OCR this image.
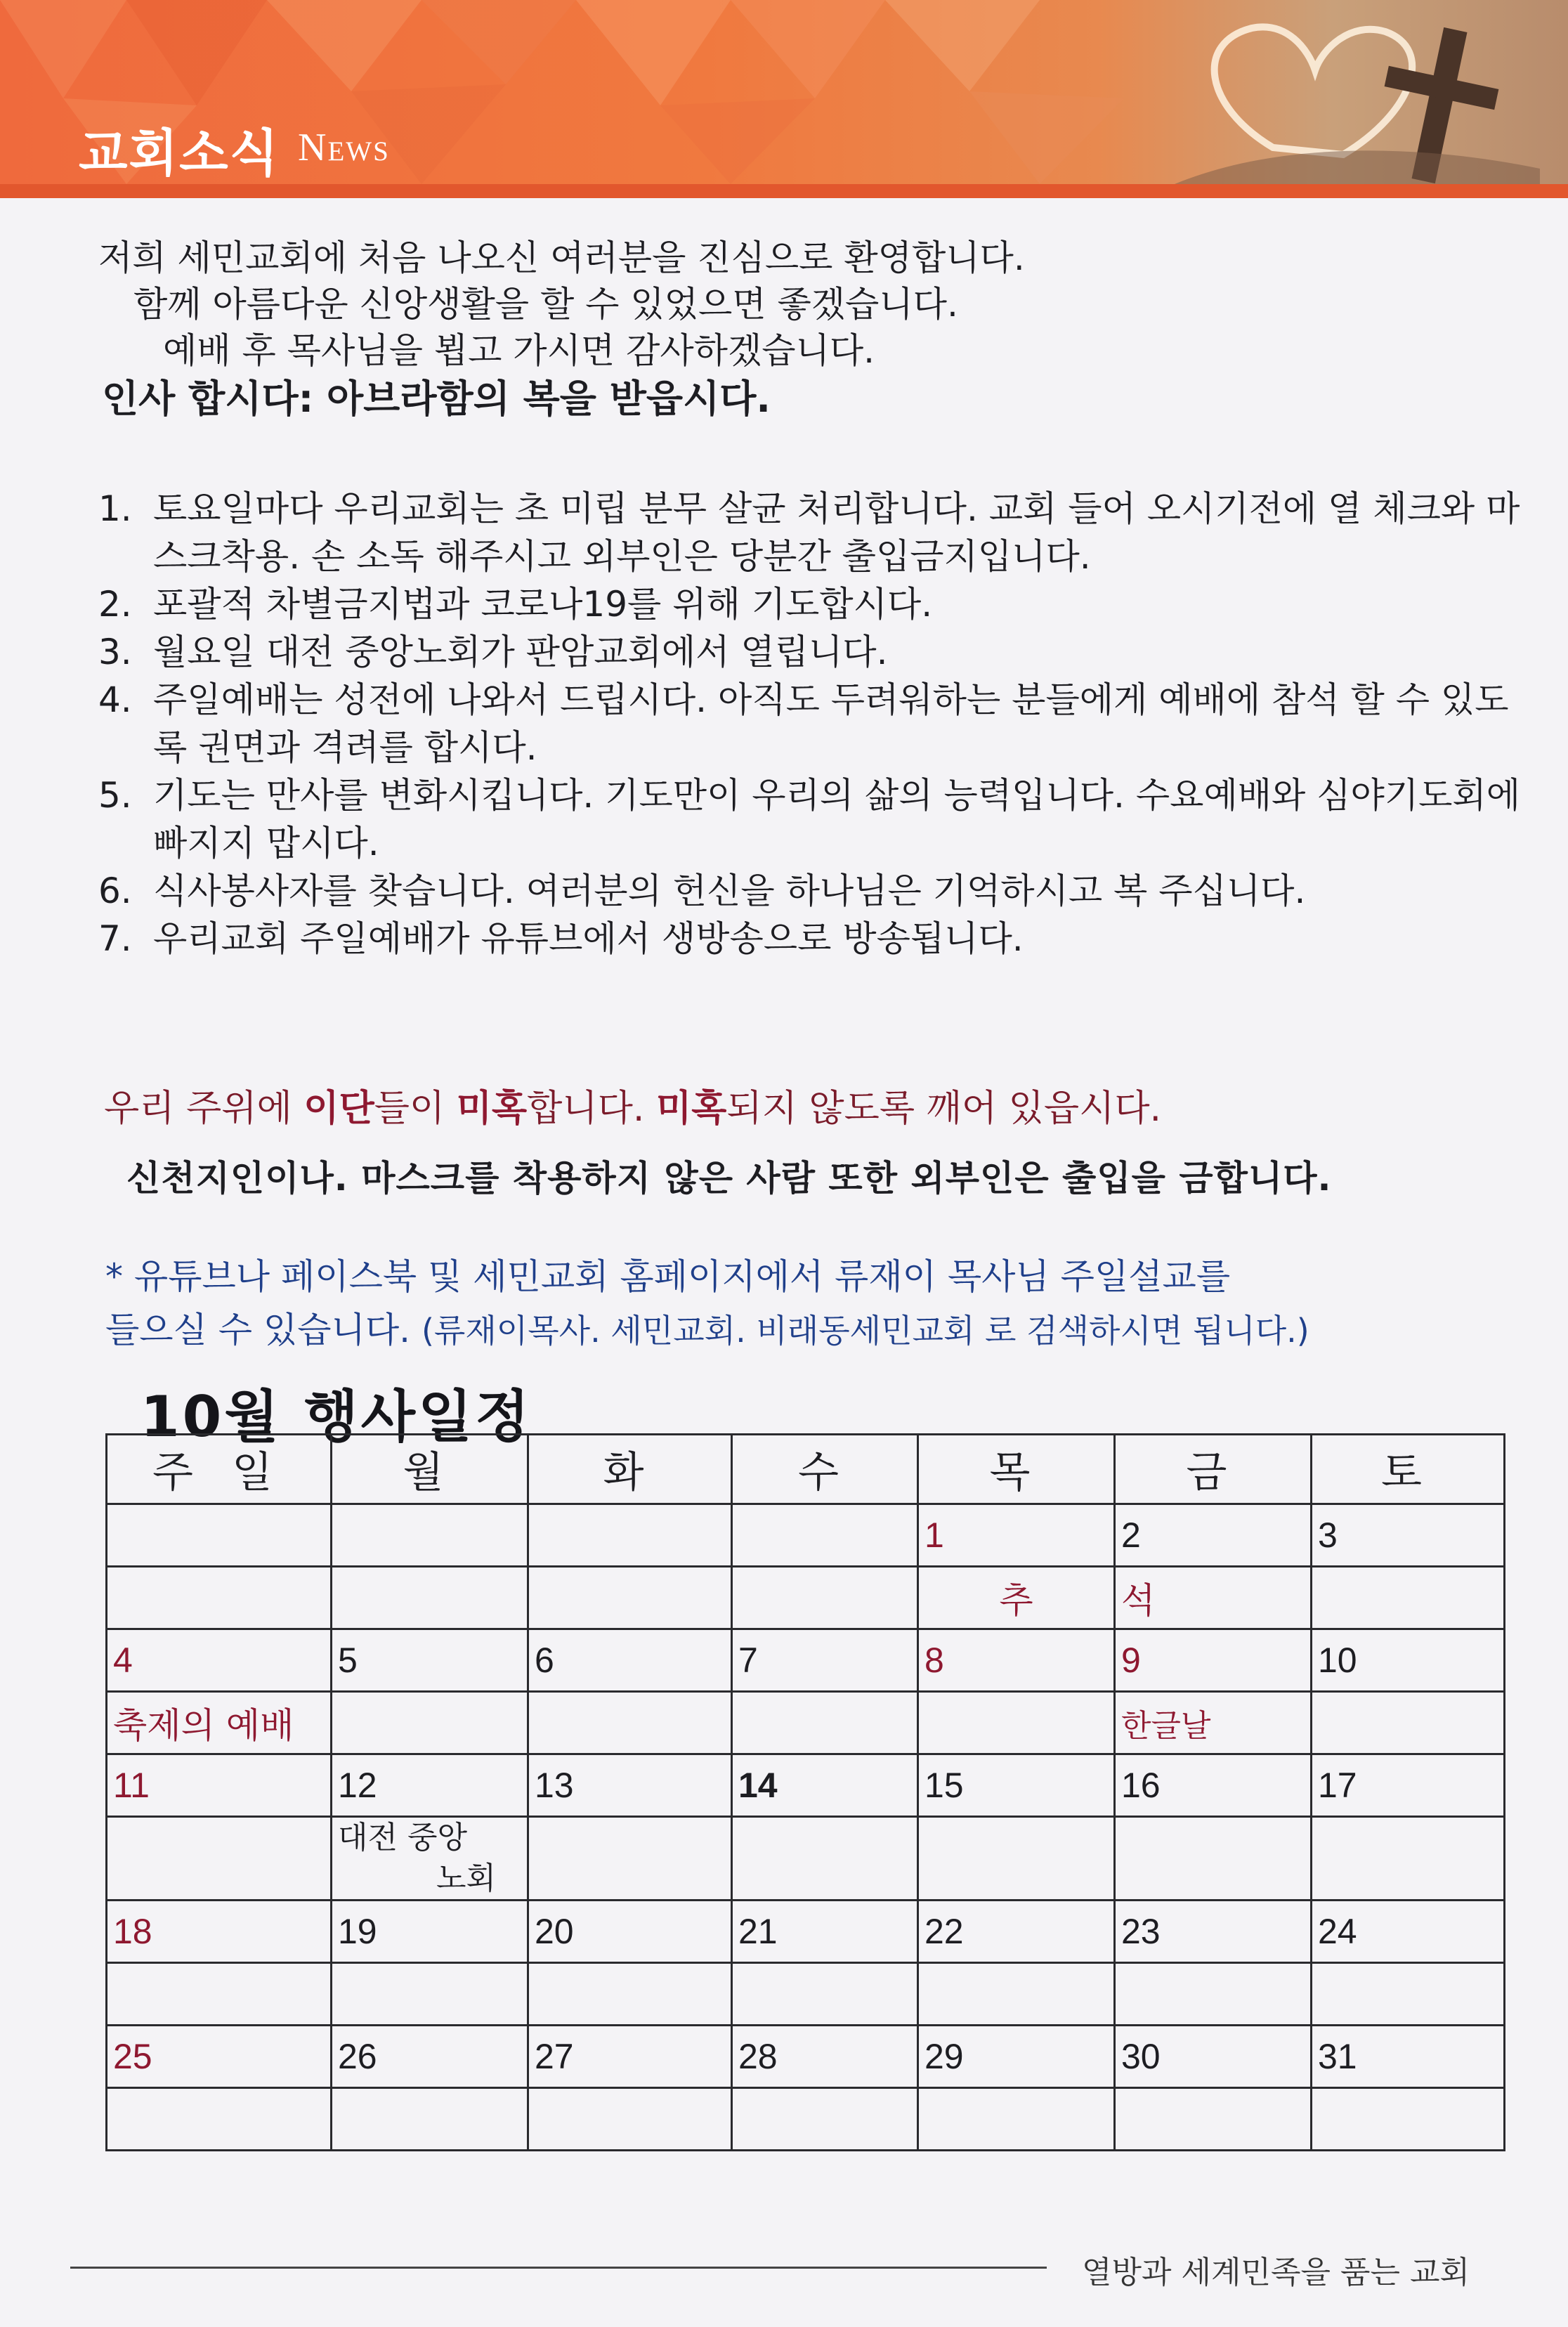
교회소식 News
저희 세민교회에 처음 나오신 여러분을 진심으로 환영합니다.
함께 아름다운 신앙생활을 할 수 있었으면 좋겠습니다.
예배 후 목사님을 뵙고 가시면 감사하겠습니다.
인사 합시다: 아브라함의 복을 받읍시다.
1. 토요일마다 우리교회는 초 미립 분무 살균 처리합니다. 교회 들어 오시기전에 열 체크와 마스크착용. 손 소독 해주시고 외부인은 당분간 출입금지입니다.
2. 포괄적 차별금지법과 코로나19를 위해 기도합시다.
3. 월요일 대전 중앙노회가 판암교회에서 열립니다.
4. 주일예배는 성전에 나와서 드립시다. 아직도 두려워하는 분들에게 예배에 참석 할 수 있도록 권면과 격려를 합시다.
5. 기도는 만사를 변화시킵니다. 기도만이 우리의 삶의 능력입니다. 수요예배와 심야기도회에 빠지지 맙시다.
6. 식사봉사자를 찾습니다. 여러분의 헌신을 하나님은 기억하시고 복 주십니다.
7. 우리교회 주일예배가 유튜브에서 생방송으로 방송됩니다.
우리 주위에 이단들이 미혹합니다. 미혹되지 않도록 깨어 있읍시다.
신천지인이나. 마스크를 착용하지 않은 사람 또한 외부인은 출입을 금합니다.
* 유튜브나 페이스북 및 세민교회 홈페이지에서 류재이 목사님 주일설교를
들으실 수 있습니다. (류재이목사. 세민교회. 비래동세민교회 로 검색하시면 됩니다.)
10월 행사일정
주 일	월	화	수	목	금	토
				1	2	3
				추	석	
4	5	6	7	8	9	10
축제의 예배					한글날	
11	12	13	14	15	16	17

	대전 중앙
노회					

18	19	20	21	22	23	24

25	26	27	28	29	30	31

열방과 세계민족을 품는 교회
